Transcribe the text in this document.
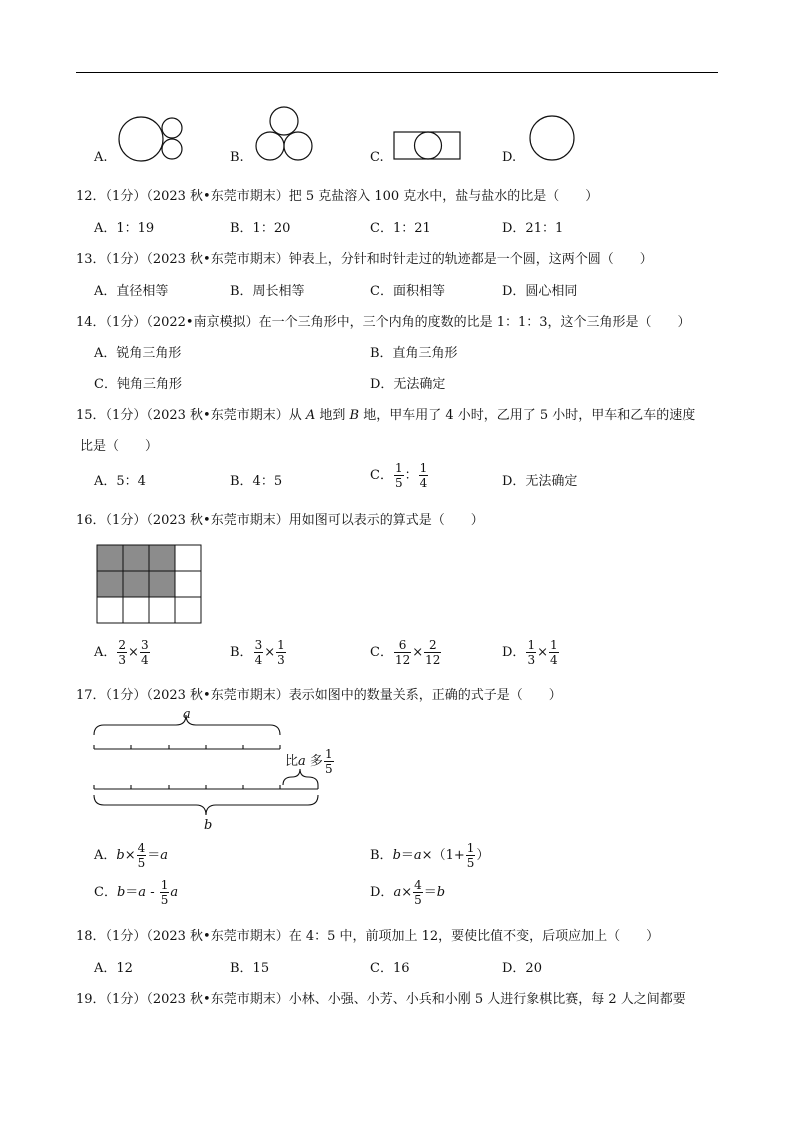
A.	B.	C.	D.
12．（1分）（2023 秋•东莞市期末）把 5 克盐溶入 100 克水中，盐与盐水的比是（　　）
A．1：19	B．1：20	C．1：21	D．21：1
13．（1分）（2023 秋•东莞市期末）钟表上，分针和时针走过的轨迹都是一个圆，这两个圆（　　）
A．直径相等	B．周长相等	C．面积相等	D．圆心相同
14．（1分）（2022•南京模拟）在一个三角形中，三个内角的度数的比是 1：1：3，这个三角形是（　　）
A．锐角三角形	B．直角三角形
C．钝角三角形	D．无法确定
15．（1分）（2023 秋•东莞市期末）从 A 地到 B 地，甲车用了 4 小时，乙用了 5 小时，甲车和乙车的速度
比是（　　）
A．5：4	B．4：5	C． $\frac{1}{5}$ ： $\frac{1}{4}$	D．无法确定
16．（1分）（2023 秋•东莞市期末）用如图可以表示的算式是（　　）
A． $\frac{2}{3} \times \frac{3}{4}$	B． $\frac{3}{4} \times \frac{1}{3}$	C． $\frac{6}{12} \times \frac{2}{12}$	D． $\frac{1}{3} \times \frac{1}{4}$
17．（1分）（2023 秋•东莞市期末）表示如图中的数量关系，正确的式子是（　　）
a
b
比a 多 $\frac{1}{5}$
A．$b\times \frac{4}{5} =a$	B．$b=a\times(1+ \frac{1}{5}$ ）
C．$b=a - \frac{1}{5}$ a	D．$a\times \frac{4}{5} =b$
18．（1分）（2023 秋•东莞市期末）在 4：5 中，前项加上 12，要使比值不变，后项应加上（　　）
A．12	B．15	C．16	D．20
19．（1分）（2023 秋•东莞市期末）小林、小强、小芳、小兵和小刚 5 人进行象棋比赛，每 2 人之间都要
